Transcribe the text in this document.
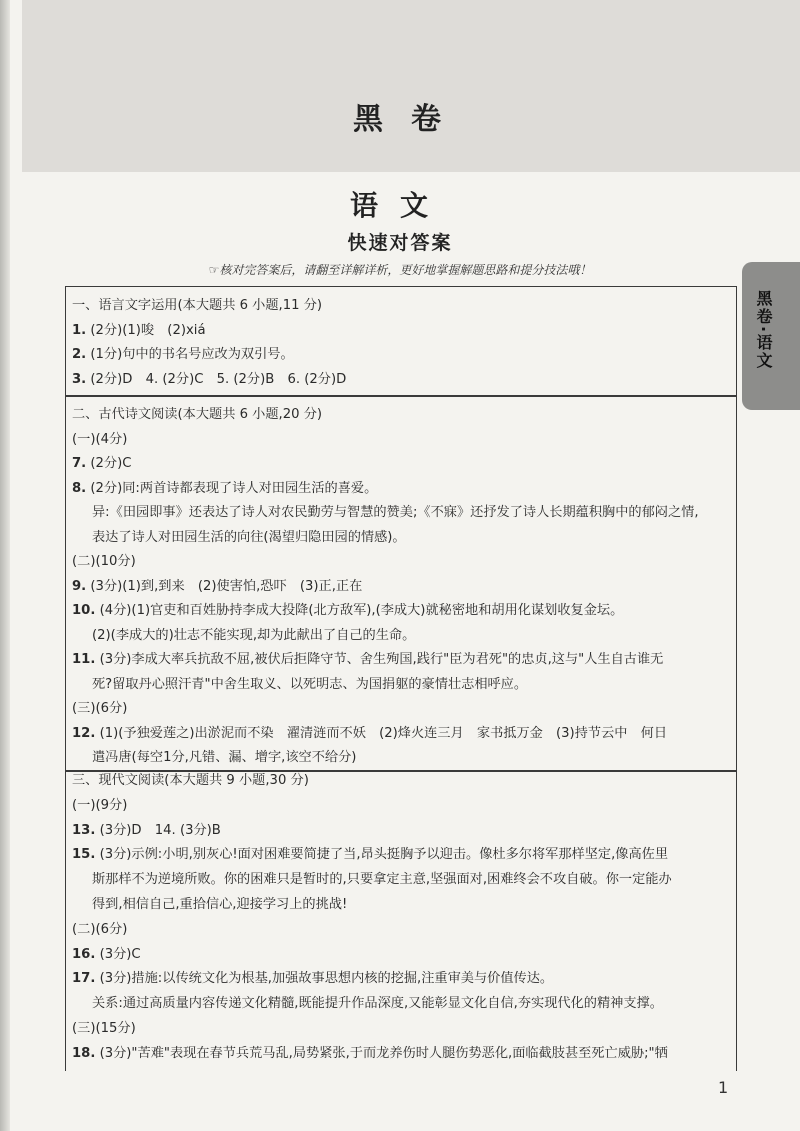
黑卷
语文
快速对答案
☞核对完答案后，请翻至详解详析，更好地掌握解题思路和提分技法哦！
黑卷·语文
一、语言文字运用(本大题共 6 小题,11 分)
1. (2分)(1)唆　(2)xiá
2. (1分)句中的书名号应改为双引号。
3. (2分)D　4. (2分)C　5. (2分)B　6. (2分)D
二、古代诗文阅读(本大题共 6 小题,20 分)
(一)(4分)
7. (2分)C
8. (2分)同:两首诗都表现了诗人对田园生活的喜爱。
异:《田园即事》还表达了诗人对农民勤劳与智慧的赞美;《不寐》还抒发了诗人长期蕴积胸中的郁闷之情,
表达了诗人对田园生活的向往(渴望归隐田园的情感)。
(二)(10分)
9. (3分)(1)到,到来　(2)使害怕,恐吓　(3)正,正在
10. (4分)(1)官吏和百姓胁持李成大投降(北方敌军),(李成大)就秘密地和胡用化谋划收复金坛。
(2)(李成大的)壮志不能实现,却为此献出了自己的生命。
11. (3分)李成大率兵抗敌不屈,被伏后拒降守节、舍生殉国,践行"臣为君死"的忠贞,这与"人生自古谁无
死?留取丹心照汗青"中舍生取义、以死明志、为国捐躯的豪情壮志相呼应。
(三)(6分)
12. (1)(予独爱莲之)出淤泥而不染　濯清涟而不妖　(2)烽火连三月　家书抵万金　(3)持节云中　何日
遣冯唐(每空1分,凡错、漏、增字,该空不给分)
三、现代文阅读(本大题共 9 小题,30 分)
(一)(9分)
13. (3分)D　14. (3分)B
15. (3分)示例:小明,别灰心!面对困难要简捷了当,昂头挺胸予以迎击。像杜多尔将军那样坚定,像高佐里
斯那样不为逆境所败。你的困难只是暂时的,只要拿定主意,坚强面对,困难终会不攻自破。你一定能办
得到,相信自己,重拾信心,迎接学习上的挑战!
(二)(6分)
16. (3分)C
17. (3分)措施:以传统文化为根基,加强故事思想内核的挖掘,注重审美与价值传达。
关系:通过高质量内容传递文化精髓,既能提升作品深度,又能彰显文化自信,夯实现代化的精神支撑。
(三)(15分)
18. (3分)"苦难"表现在春节兵荒马乱,局势紧张,于而龙养伤时人腿伤势恶化,面临截肢甚至死亡威胁;"牺
1
